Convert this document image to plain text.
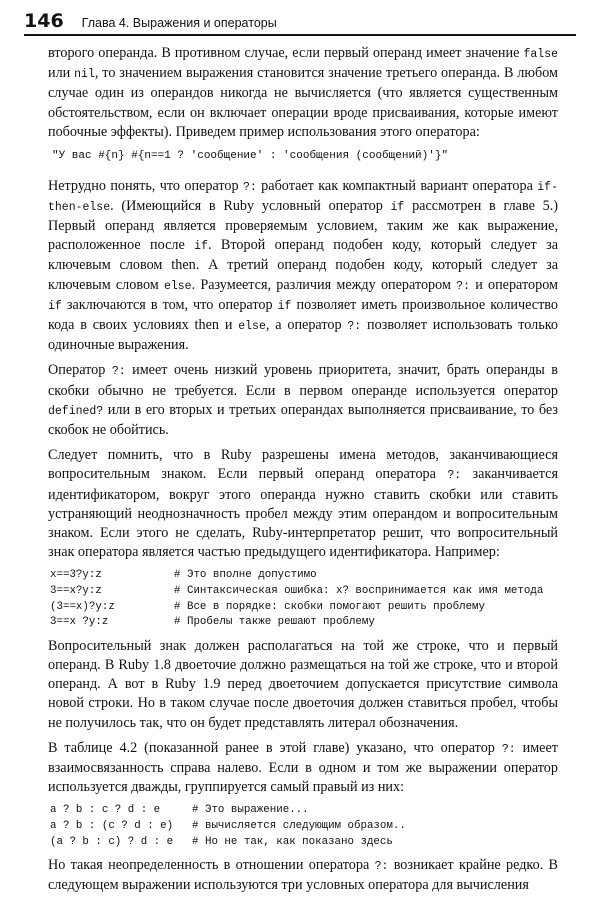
146 Глава 4. Выражения и операторы

второго операнда. В противном случае, если первый операнд имеет значение false или nil, то значением выражения становится значение третьего операнда. В любом случае один из операндов никогда не вычисляется (что является существенным обстоятельством, если он включает операции вроде присваивания, которые имеют побочные эффекты). Приведем пример использования этого оператора:

"У вас #{n} #{n==1 ? 'сообщение' : 'сообщения (сообщений)'}"

Нетрудно понять, что оператор ?: работает как компактный вариант оператора if-then-else. (Имеющийся в Ruby условный оператор if рассмотрен в главе 5.) Первый операнд является проверяемым условием, таким же как выражение, расположенное после if. Второй операнд подобен коду, который следует за ключевым словом then. А третий операнд подобен коду, который следует за ключевым словом else. Разумеется, различия между оператором ?: и оператором if заключаются в том, что оператор if позволяет иметь произвольное количество кода в своих условиях then и else, а оператор ?: позволяет использовать только одиночные выражения.

Оператор ?: имеет очень низкий уровень приоритета, значит, брать операнды в скобки обычно не требуется. Если в первом операнде используется оператор defined? или в его вторых и третьих операндах выполняется присваивание, то без скобок не обойтись.

Следует помнить, что в Ruby разрешены имена методов, заканчивающиеся вопросительным знаком. Если первый операнд оператора ?: заканчивается идентификатором, вокруг этого операнда нужно ставить скобки или ставить устраняющий неоднозначность пробел между этим операндом и вопросительным знаком. Если этого не сделать, Ruby-интерпретатор решит, что вопросительный знак оператора является частью предыдущего идентификатора. Например:

x==3?y:z	# Это вполне допустимо
3==x?y:z	# Синтаксическая ошибка: x? воспринимается как имя метода
(3==x)?y:z	# Все в порядке: скобки помогают решить проблему
3==x ?y:z	# Пробелы также решают проблему

Вопросительный знак должен располагаться на той же строке, что и первый операнд. В Ruby 1.8 двоеточие должно размещаться на той же строке, что и второй операнд. А вот в Ruby 1.9 перед двоеточием допускается присутствие символа новой строки. Но в таком случае после двоеточия должен ставиться пробел, чтобы не получилось так, что он будет представлять литерал обозначения.

В таблице 4.2 (показанной ранее в этой главе) указано, что оператор ?: имеет взаимосвязанность справа налево. Если в одном и том же выражении оператор используется дважды, группируется самый правый из них:

a ? b : c ? d : e	# Это выражение...
a ? b : (c ? d : e)	# вычисляется следующим образом..
(a ? b : c) ? d : e	# Но не так, как показано здесь

Но такая неопределенность в отношении оператора ?: возникает крайне редко. В следующем выражении используются три условных оператора для вычисления
